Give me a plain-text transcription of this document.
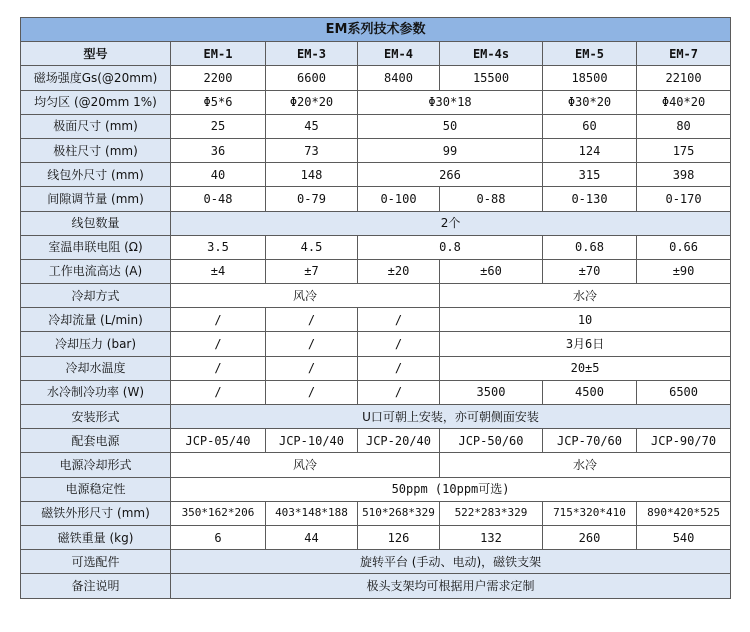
EM系列技术参数						
型号	EM-1	EM-3	EM-4	EM-4s	EM-5	EM-7
磁场强度Gs(@20mm)	2200	6600	8400	15500	18500	22100
均匀区 (@20mm 1%)	Φ5*6	Φ20*20	Φ30*18		Φ30*20	Φ40*20
极面尺寸 (mm)	25	45	50		60	80
极柱尺寸 (mm)	36	73	99		124	175
线包外尺寸 (mm)	40	148	266		315	398
间隙调节量 (mm)	0-48	0-79	0-100	0-88	0-130	0-170
线包数量	2个					
室温串联电阻 (Ω)	3.5	4.5	0.8		0.68	0.66
工作电流高达 (A)	±4	±7	±20	±60	±70	±90
冷却方式	风冷			水冷		
冷却流量 (L/min)	/	/	/	10		
冷却压力 (bar)	/	/	/	3月6日		
冷却水温度	/	/	/	20±5		
水冷制冷功率 (W)	/	/	/	3500	4500	6500
安装形式	U口可朝上安装，亦可朝侧面安装					
配套电源	JCP-05/40	JCP-10/40	JCP-20/40	JCP-50/60	JCP-70/60	JCP-90/70
电源冷却形式	风冷			水冷		
电源稳定性	50ppm (10ppm可选)					
磁铁外形尺寸 (mm)	350*162*206	403*148*188	510*268*329	522*283*329	715*320*410	890*420*525
磁铁重量 (kg)	6	44	126	132	260	540
可选配件	旋转平台 (手动、电动)，磁铁支架					
备注说明	极头支架均可根据用户需求定制					
